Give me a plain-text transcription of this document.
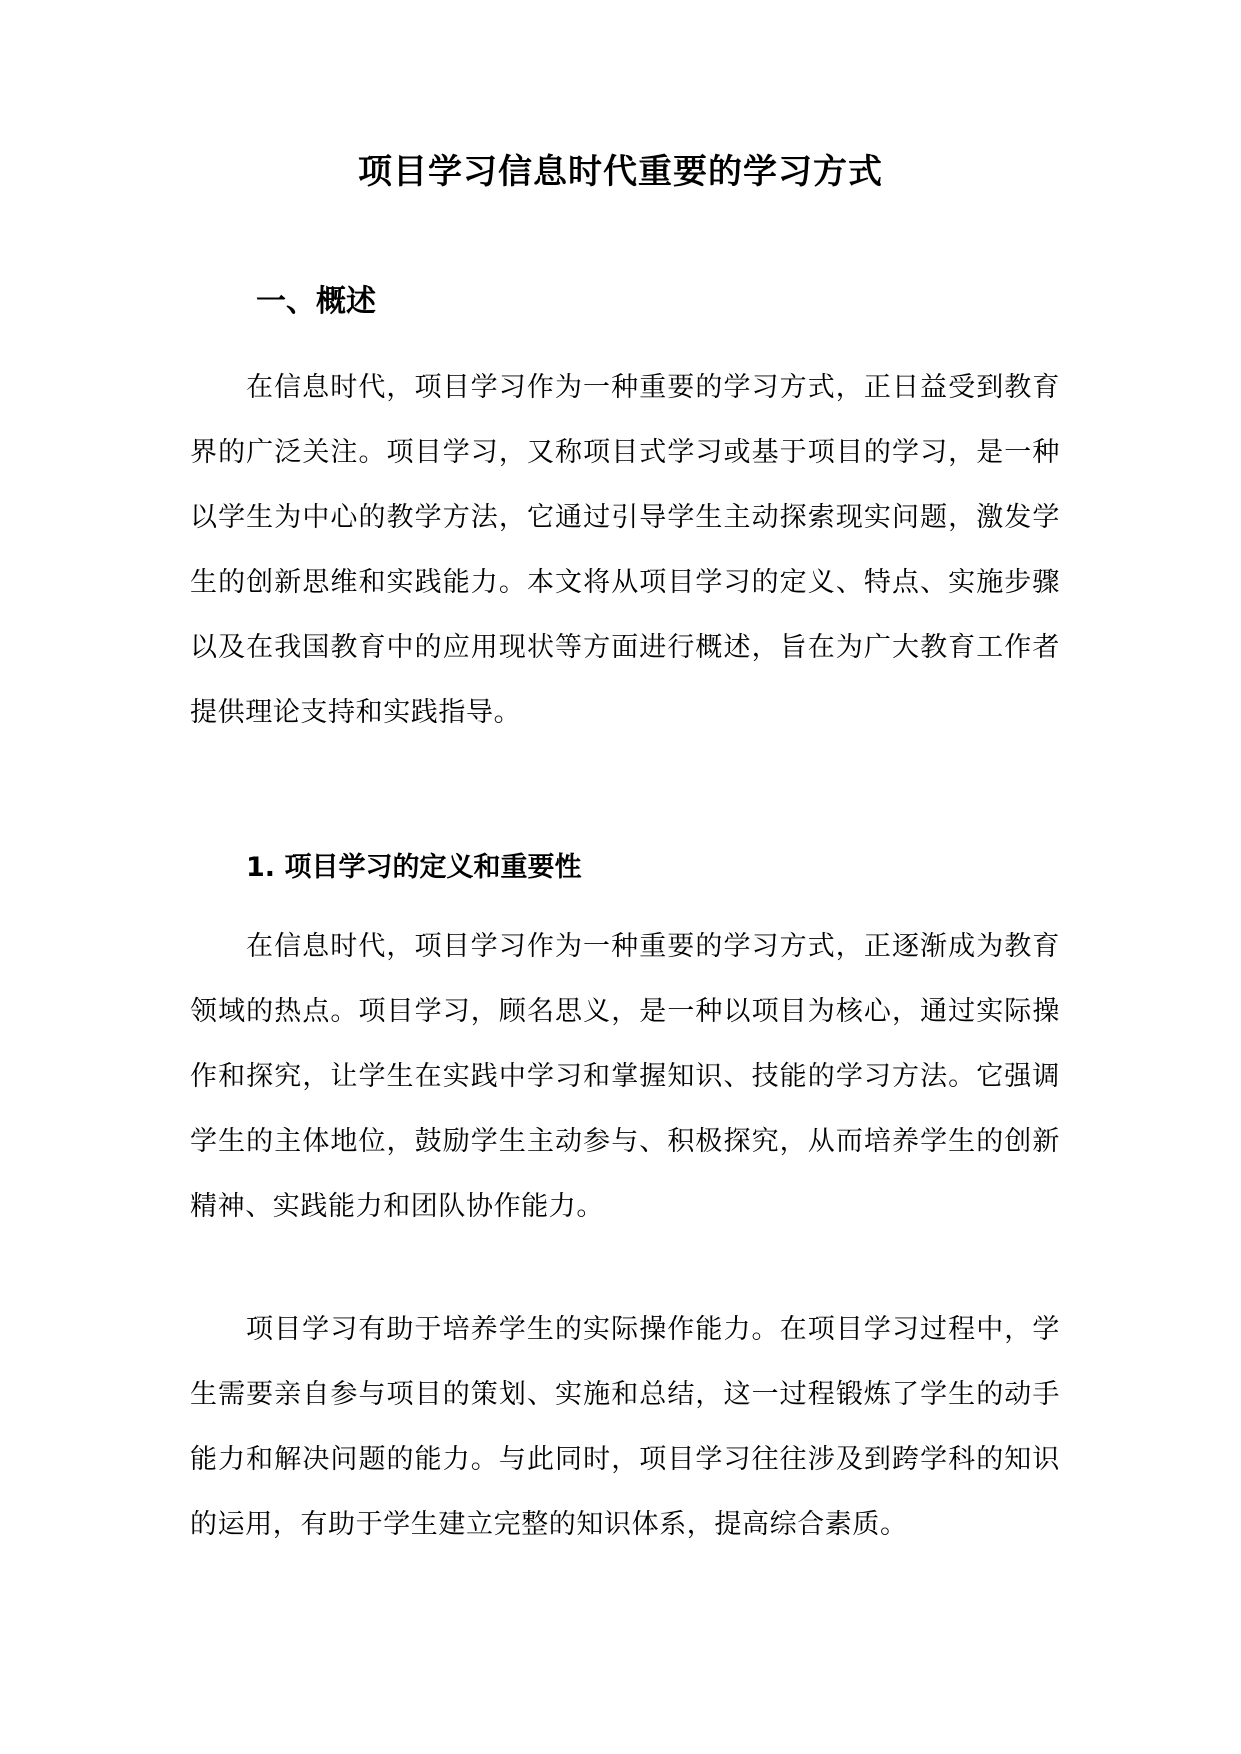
项目学习信息时代重要的学习方式
一、概述

在信息时代，项目学习作为一种重要的学习方式，正日益受到教育界的广泛关注。项目学习，又称项目式学习或基于项目的学习，是一种以学生为中心的教学方法，它通过引导学生主动探索现实问题，激发学生的创新思维和实践能力。本文将从项目学习的定义、特点、实施步骤以及在我国教育中的应用现状等方面进行概述，旨在为广大教育工作者提供理论支持和实践指导。

1. 项目学习的定义和重要性

在信息时代，项目学习作为一种重要的学习方式，正逐渐成为教育领域的热点。项目学习，顾名思义，是一种以项目为核心，通过实际操作和探究，让学生在实践中学习和掌握知识、技能的学习方法。它强调学生的主体地位，鼓励学生主动参与、积极探究，从而培养学生的创新精神、实践能力和团队协作能力。

项目学习有助于培养学生的实际操作能力。在项目学习过程中，学生需要亲自参与项目的策划、实施和总结，这一过程锻炼了学生的动手能力和解决问题的能力。与此同时，项目学习往往涉及到跨学科的知识的运用，有助于学生建立完整的知识体系，提高综合素质。
